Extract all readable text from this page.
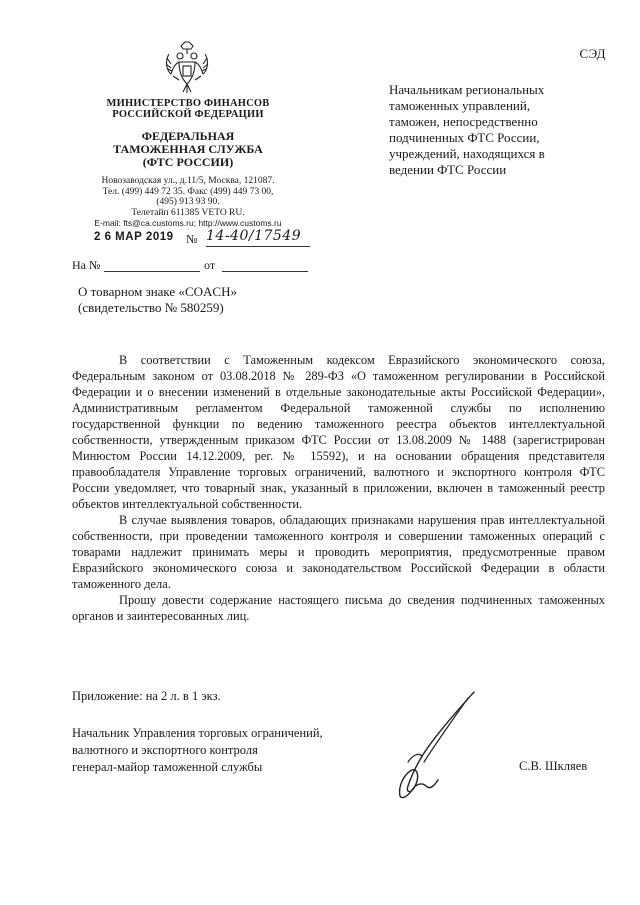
СЭД
МИНИСТЕРСТВО ФИНАНСОВ
РОССИЙСКОЙ ФЕДЕРАЦИИ
ФЕДЕРАЛЬНАЯ
ТАМОЖЕННАЯ СЛУЖБА
(ФТС РОССИИ)
Новозаводская ул., д.11/5, Москва, 121087.
Тел. (499) 449 72 35. Факс (499) 449 73 00,
(495) 913 93 90.
Телетайп 611385 VETO RU.
E-mail: fts@ca.customs.ru; http://www.customs.ru
Начальникам региональных
таможенных управлений,
таможен, непосредственно
подчиненных ФТС России,
учреждений, находящихся в
ведении ФТС России
2 6 МАР 2019 № 14-40/17549
На №	от
О товарном знаке «COACH»
(свидетельство № 580259)

В соответствии с Таможенным кодексом Евразийского экономического союза, Федеральным законом от 03.08.2018 № 289-ФЗ «О таможенном регулировании в Российской Федерации и о внесении изменений в отдельные законодательные акты Российской Федерации», Административным регламентом Федеральной таможенной службы по исполнению государственной функции по ведению таможенного реестра объектов интеллектуальной собственности, утвержденным приказом ФТС России от 13.08.2009 № 1488 (зарегистрирован Минюстом России 14.12.2009, рег. № 15592), и на основании обращения представителя правообладателя Управление торговых ограничений, валютного и экспортного контроля ФТС России уведомляет, что товарный знак, указанный в приложении, включен в таможенный реестр объектов интеллектуальной собственности.

В случае выявления товаров, обладающих признаками нарушения прав интеллектуальной собственности, при проведении таможенного контроля и совершении таможенных операций с товарами надлежит принимать меры и проводить мероприятия, предусмотренные правом Евразийского экономического союза и законодательством Российской Федерации в области таможенного дела.

Прошу довести содержание настоящего письма до сведения подчиненных таможенных органов и заинтересованных лиц.

Приложение: на 2 л. в 1 экз.
Начальник Управления торговых ограничений,
валютного и экспортного контроля
генерал-майор таможенной службы	С.В. Шкляев
